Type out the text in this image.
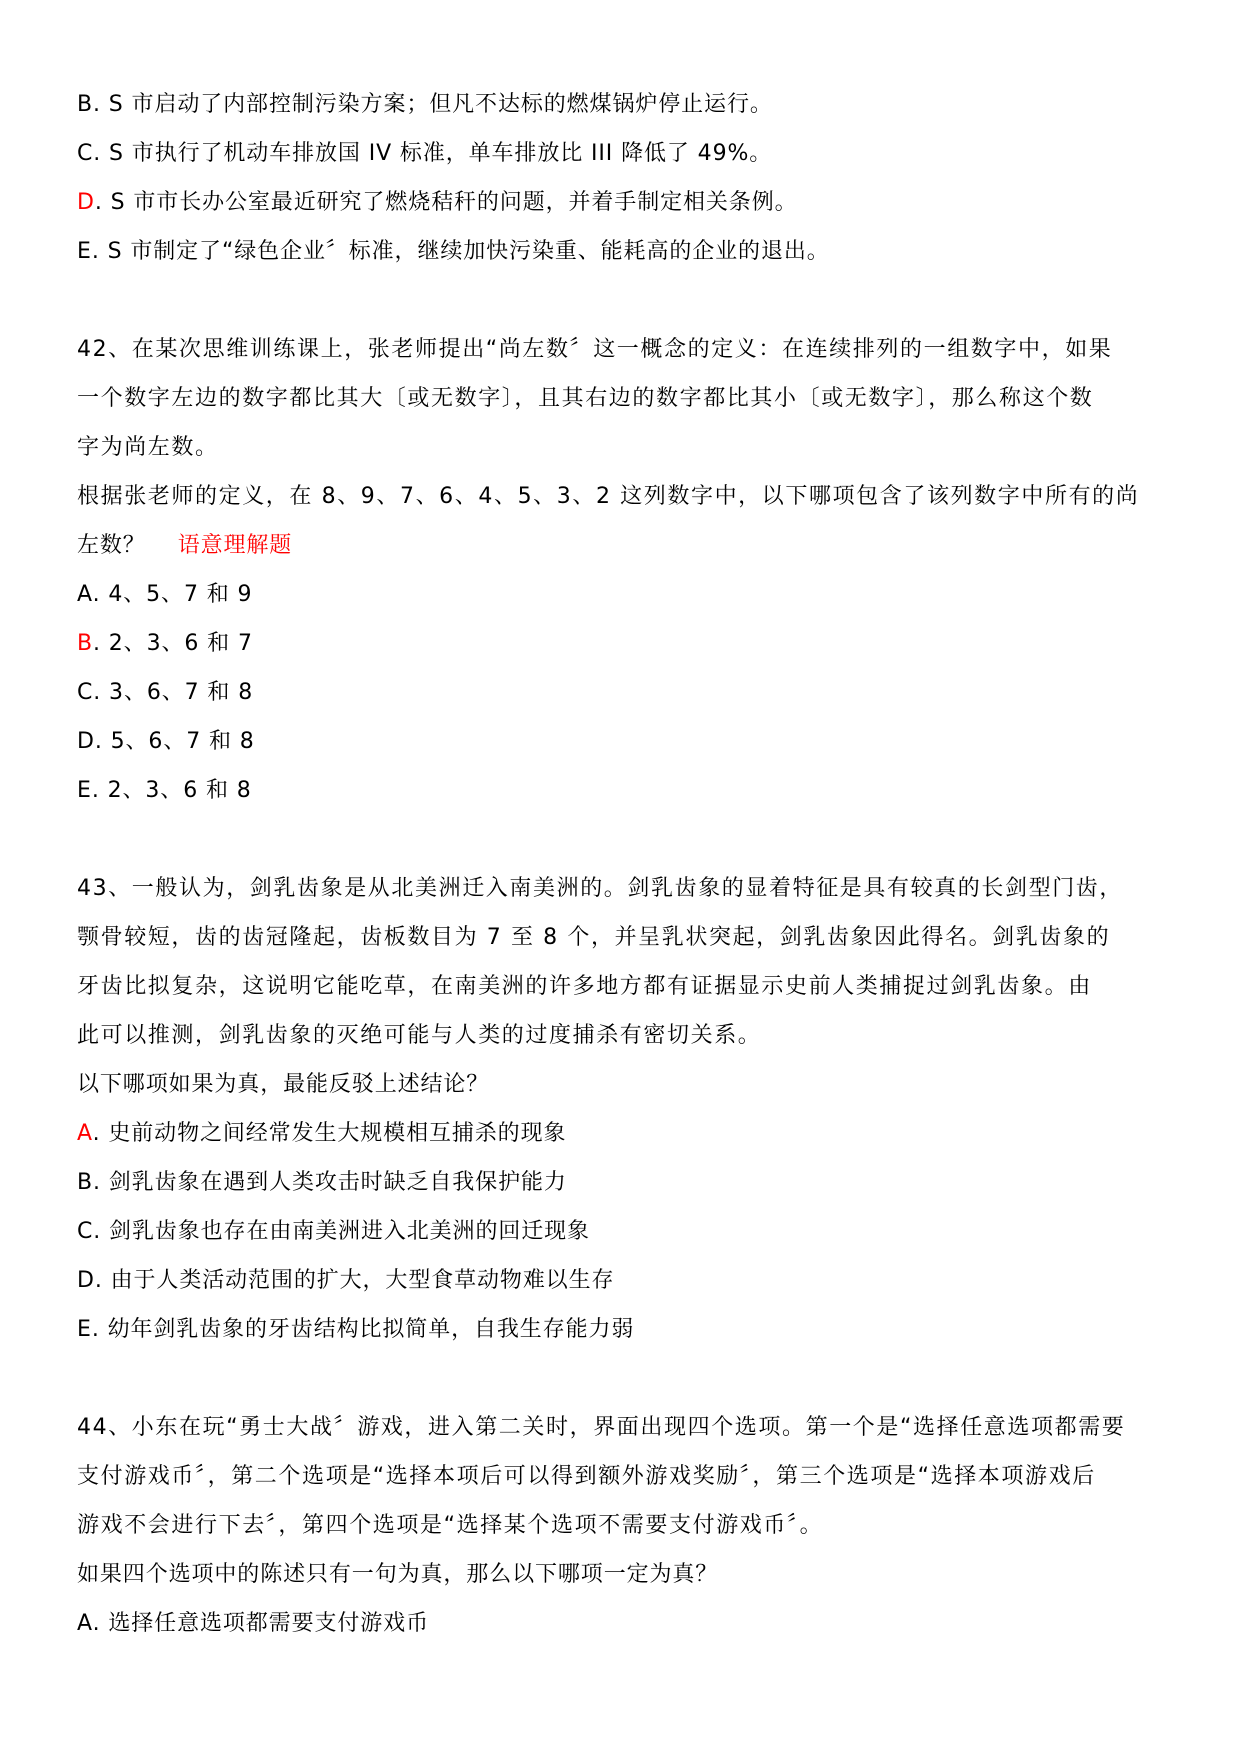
B. S 市启动了内部控制污染方案；但凡不达标的燃煤锅炉停止运行。
C. S 市执行了机动车排放国 IV 标准，单车排放比 III 降低了 49%。
D. S 市市长办公室最近研究了燃烧秸秆的问题，并着手制定相关条例。
E. S 市制定了“绿色企业〞标准，继续加快污染重、能耗高的企业的退出。
42、在某次思维训练课上，张老师提出“尚左数〞这一概念的定义：在连续排列的一组数字中，如果
一个数字左边的数字都比其大〔或无数字〕，且其右边的数字都比其小〔或无数字〕，那么称这个数
字为尚左数。
根据张老师的定义，在 8、9、7、6、4、5、3、2 这列数字中，以下哪项包含了该列数字中所有的尚
左数？ 语意理解题
A. 4、5、7 和 9
B. 2、3、6 和 7
C. 3、6、7 和 8
D. 5、6、7 和 8
E. 2、3、6 和 8
43、一般认为，剑乳齿象是从北美洲迁入南美洲的。剑乳齿象的显着特征是具有较真的长剑型门齿，
颚骨较短，齿的齿冠隆起，齿板数目为 7 至 8 个，并呈乳状突起，剑乳齿象因此得名。剑乳齿象的
牙齿比拟复杂，这说明它能吃草，在南美洲的许多地方都有证据显示史前人类捕捉过剑乳齿象。由
此可以推测，剑乳齿象的灭绝可能与人类的过度捕杀有密切关系。
以下哪项如果为真，最能反驳上述结论？
A. 史前动物之间经常发生大规模相互捕杀的现象
B. 剑乳齿象在遇到人类攻击时缺乏自我保护能力
C. 剑乳齿象也存在由南美洲进入北美洲的回迁现象
D. 由于人类活动范围的扩大，大型食草动物难以生存
E. 幼年剑乳齿象的牙齿结构比拟简单，自我生存能力弱
44、小东在玩“勇士大战〞游戏，进入第二关时，界面出现四个选项。第一个是“选择任意选项都需要
支付游戏币〞，第二个选项是“选择本项后可以得到额外游戏奖励〞，第三个选项是“选择本项游戏后
游戏不会进行下去〞，第四个选项是“选择某个选项不需要支付游戏币〞。
如果四个选项中的陈述只有一句为真，那么以下哪项一定为真？
A. 选择任意选项都需要支付游戏币
